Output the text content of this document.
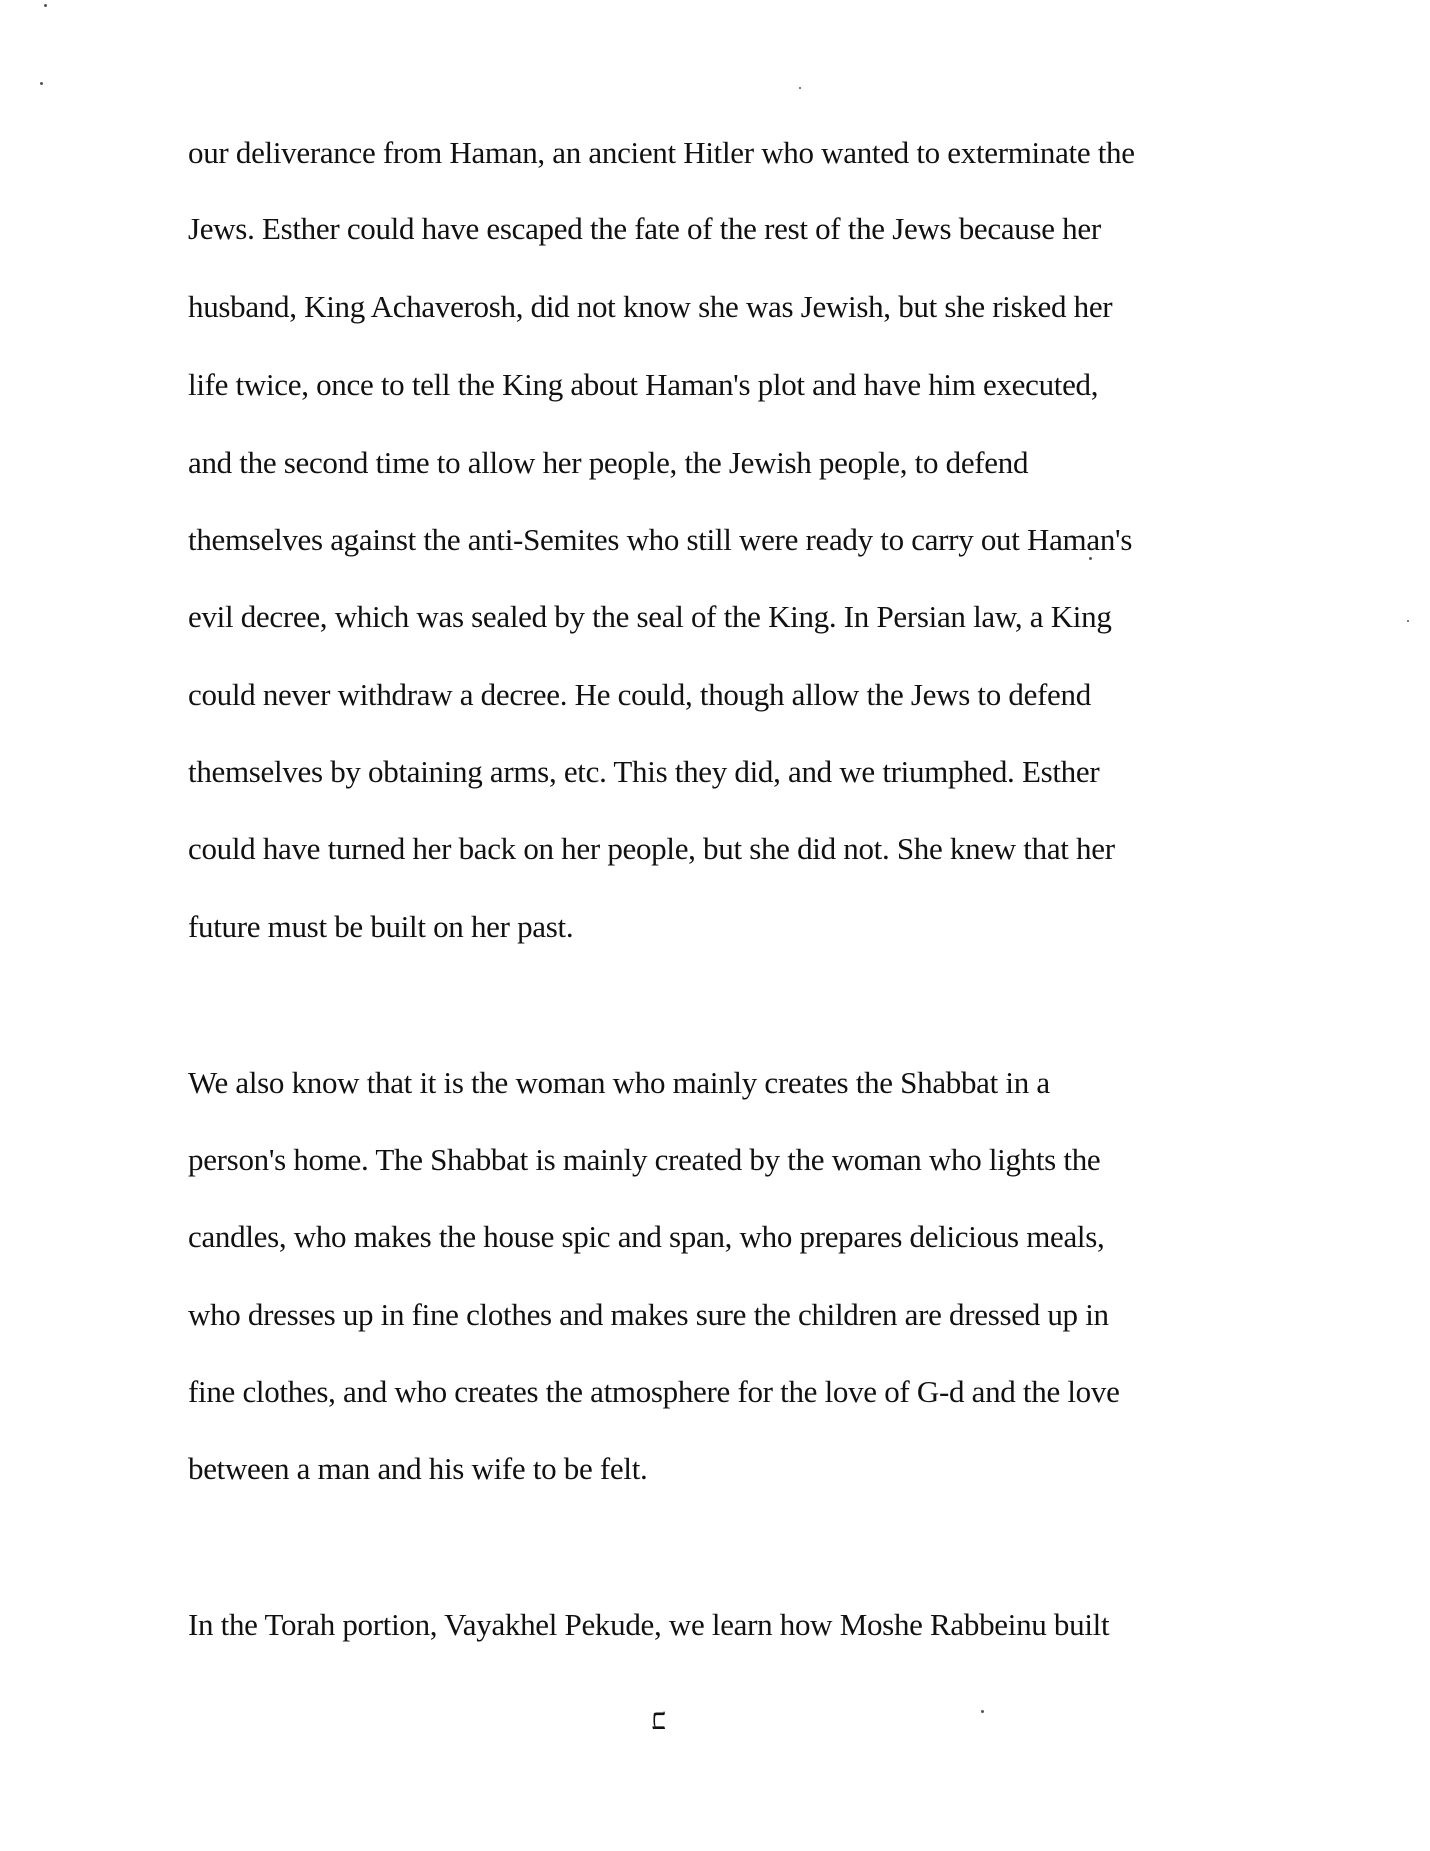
our deliverance from Haman, an ancient Hitler who wanted to exterminate the
Jews. Esther could have escaped the fate of the rest of the Jews because her
husband, King Achaverosh, did not know she was Jewish, but she risked her
life twice, once to tell the King about Haman's plot and have him executed,
and the second time to allow her people, the Jewish people, to defend
themselves against the anti-Semites who still were ready to carry out Haman's
evil decree, which was sealed by the seal of the King. In Persian law, a King
could never withdraw a decree. He could, though allow the Jews to defend
themselves by obtaining arms, etc. This they did, and we triumphed. Esther
could have turned her back on her people, but she did not. She knew that her
future must be built on her past.
We also know that it is the woman who mainly creates the Shabbat in a
person's home. The Shabbat is mainly created by the woman who lights the
candles, who makes the house spic and span, who prepares delicious meals,
who dresses up in fine clothes and makes sure the children are dressed up in
fine clothes, and who creates the atmosphere for the love of G-d and the love
between a man and his wife to be felt.
In the Torah portion, Vayakhel Pekude, we learn how Moshe Rabbeinu built
ב
